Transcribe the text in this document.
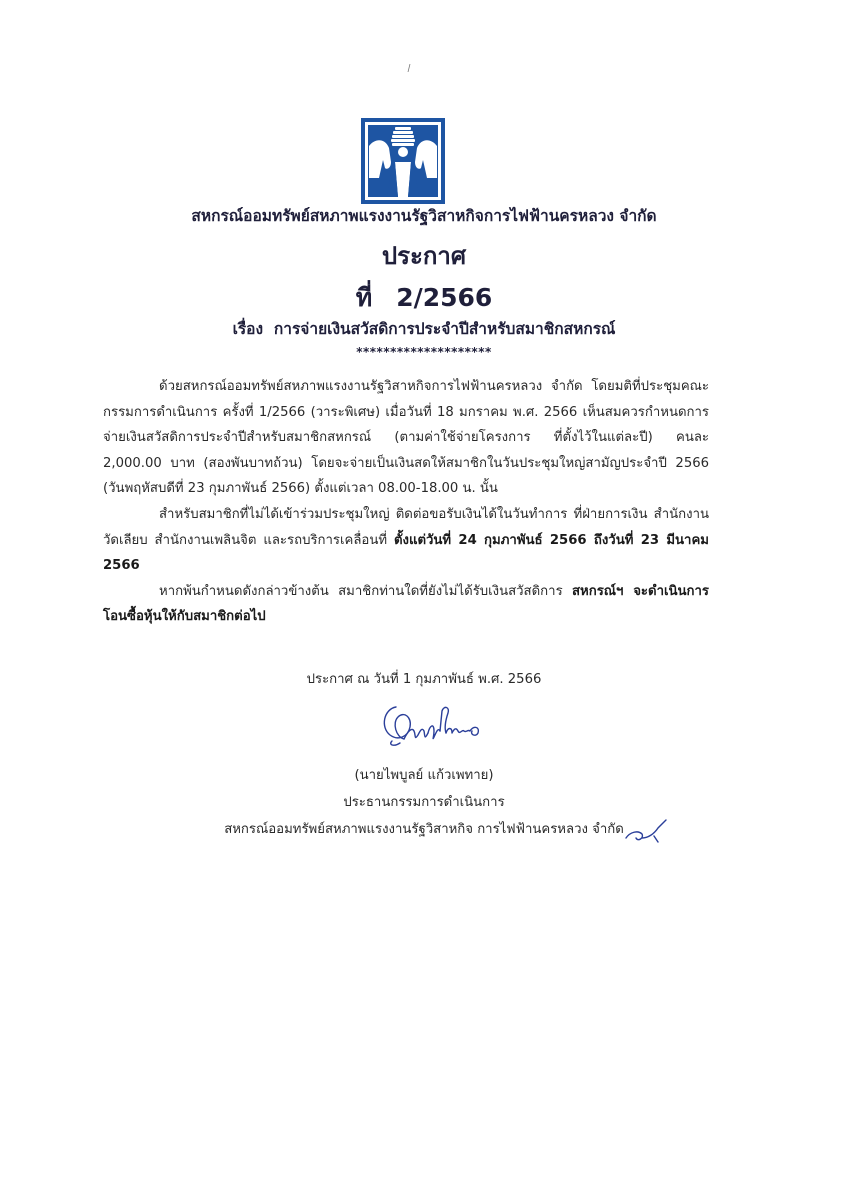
สหกรณ์ออมทรัพย์สหภาพแรงงานรัฐวิสาหกิจการไฟฟ้านครหลวง จำกัด
ประกาศ
ที่ 2/2566
เรื่อง การจ่ายเงินสวัสดิการประจำปีสำหรับสมาชิกสหกรณ์
********************

ด้วยสหกรณ์ออมทรัพย์สหภาพแรงงานรัฐวิสาหกิจการไฟฟ้านครหลวง จำกัด โดยมติที่ประชุมคณะกรรมการดำเนินการ ครั้งที่ 1/2566 (วาระพิเศษ) เมื่อวันที่ 18 มกราคม พ.ศ. 2566 เห็นสมควรกำหนดการจ่ายเงินสวัสดิการประจำปีสำหรับสมาชิกสหกรณ์ (ตามค่าใช้จ่ายโครงการ ที่ตั้งไว้ในแต่ละปี) คนละ 2,000.00 บาท (สองพันบาทถ้วน) โดยจะจ่ายเป็นเงินสดให้สมาชิกในวันประชุมใหญ่สามัญประจำปี 2566 (วันพฤหัสบดีที่ 23 กุมภาพันธ์ 2566) ตั้งแต่เวลา 08.00-18.00 น. นั้น

สำหรับสมาชิกที่ไม่ได้เข้าร่วมประชุมใหญ่ ติดต่อขอรับเงินได้ในวันทำการ ที่ฝ่ายการเงิน สำนักงานวัดเลียบ สำนักงานเพลินจิต และรถบริการเคลื่อนที่ ตั้งแต่วันที่ 24 กุมภาพันธ์ 2566 ถึงวันที่ 23 มีนาคม 2566

หากพ้นกำหนดดังกล่าวข้างต้น สมาชิกท่านใดที่ยังไม่ได้รับเงินสวัสดิการ สหกรณ์ฯ จะดำเนินการโอนซื้อหุ้นให้กับสมาชิกต่อไป

ประกาศ ณ วันที่ 1 กุมภาพันธ์ พ.ศ. 2566
(นายไพบูลย์ แก้วเพทาย)
ประธานกรรมการดำเนินการ
สหกรณ์ออมทรัพย์สหภาพแรงงานรัฐวิสาหกิจ การไฟฟ้านครหลวง จำกัด
